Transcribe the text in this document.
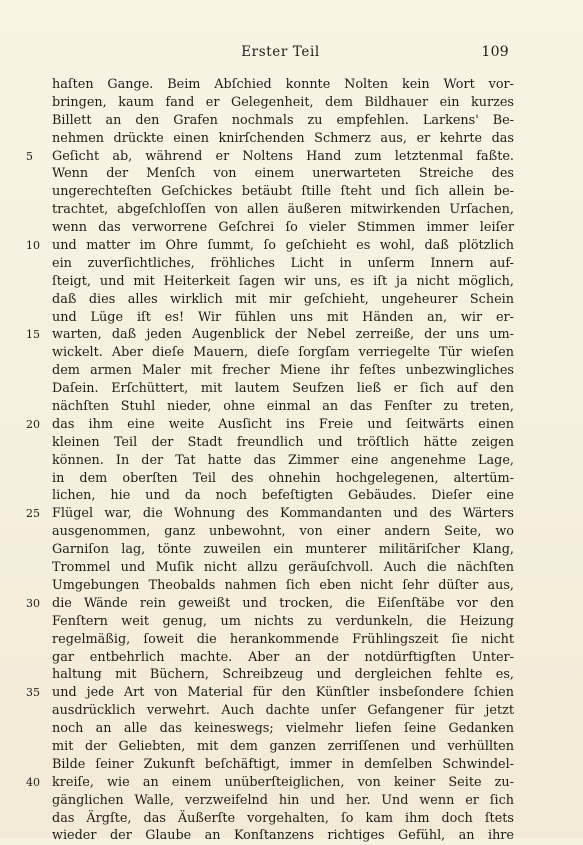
Erster Teil	109
haſten Gange. Beim Abſchied konnte Nolten kein Wort vor-
bringen, kaum fand er Gelegenheit, dem Bildhauer ein kurzes
Billett an den Grafen nochmals zu empfehlen. Larkens' Be-
nehmen drückte einen knirſchenden Schmerz aus, er kehrte das
5	Geſicht ab, während er Noltens Hand zum letztenmal faßte.
Wenn der Menſch von einem unerwarteten Streiche des
ungerechteſten Geſchickes betäubt ſtille ſteht und ſich allein be-
trachtet, abgeſchloſſen von allen äußeren mitwirkenden Urſachen,
wenn das verworrene Geſchrei ſo vieler Stimmen immer leiſer
10 und matter im Ohre ſummt, ſo geſchieht es wohl, daß plötzlich
ein zuverſichtliches, fröhliches Licht in unſerm Innern auf-
ſteigt, und mit Heiterkeit ſagen wir uns, es iſt ja nicht möglich,
daß dies alles wirklich mit mir geſchieht, ungeheurer Schein
und Lüge iſt es! Wir fühlen uns mit Händen an, wir er-
15 warten, daß jeden Augenblick der Nebel zerreiße, der uns um-
wickelt. Aber dieſe Mauern, dieſe ſorgſam verriegelte Tür wieſen
dem armen Maler mit frecher Miene ihr feſtes unbezwingliches
Daſein. Erſchüttert, mit lautem Seufzen ließ er ſich auf den
nächſten Stuhl nieder, ohne einmal an das Fenſter zu treten,
20 das ihm eine weite Ausſicht ins Freie und ſeitwärts einen
kleinen Teil der Stadt freundlich und tröſtlich hätte zeigen
können. In der Tat hatte das Zimmer eine angenehme Lage,
in dem oberſten Teil des ohnehin hochgelegenen, altertüm-
lichen, hie und da noch befeſtigten Gebäudes. Dieſer eine
25 Flügel war, die Wohnung des Kommandanten und des Wärters
ausgenommen, ganz unbewohnt, von einer andern Seite, wo
Garniſon lag, tönte zuweilen ein munterer militäriſcher Klang,
Trommel und Muſik nicht allzu geräuſchvoll. Auch die nächſten
Umgebungen Theobalds nahmen ſich eben nicht ſehr düſter aus,
30 die Wände rein geweißt und trocken, die Eiſenſtäbe vor den
Fenſtern weit genug, um nichts zu verdunkeln, die Heizung
regelmäßig, ſoweit die herankommende Frühlingszeit ſie nicht
gar entbehrlich machte. Aber an der notdürftigſten Unter-
haltung mit Büchern, Schreibzeug und dergleichen fehlte es,
35 und jede Art von Material für den Künſtler insbeſondere ſchien
ausdrücklich verwehrt. Auch dachte unſer Gefangener für jetzt
noch an alle das keineswegs; vielmehr liefen ſeine Gedanken
mit der Geliebten, mit dem ganzen zerriſſenen und verhüllten
Bilde ſeiner Zukunft beſchäftigt, immer in demſelben Schwindel-
40 kreiſe, wie an einem unüberſteiglichen, von keiner Seite zu-
gänglichen Walle, verzweifelnd hin und her. Und wenn er ſich
das Ärgſte, das Äußerſte vorgehalten, ſo kam ihm doch ſtets
wieder der Glaube an Konſtanzens richtiges Gefühl, an ihre
